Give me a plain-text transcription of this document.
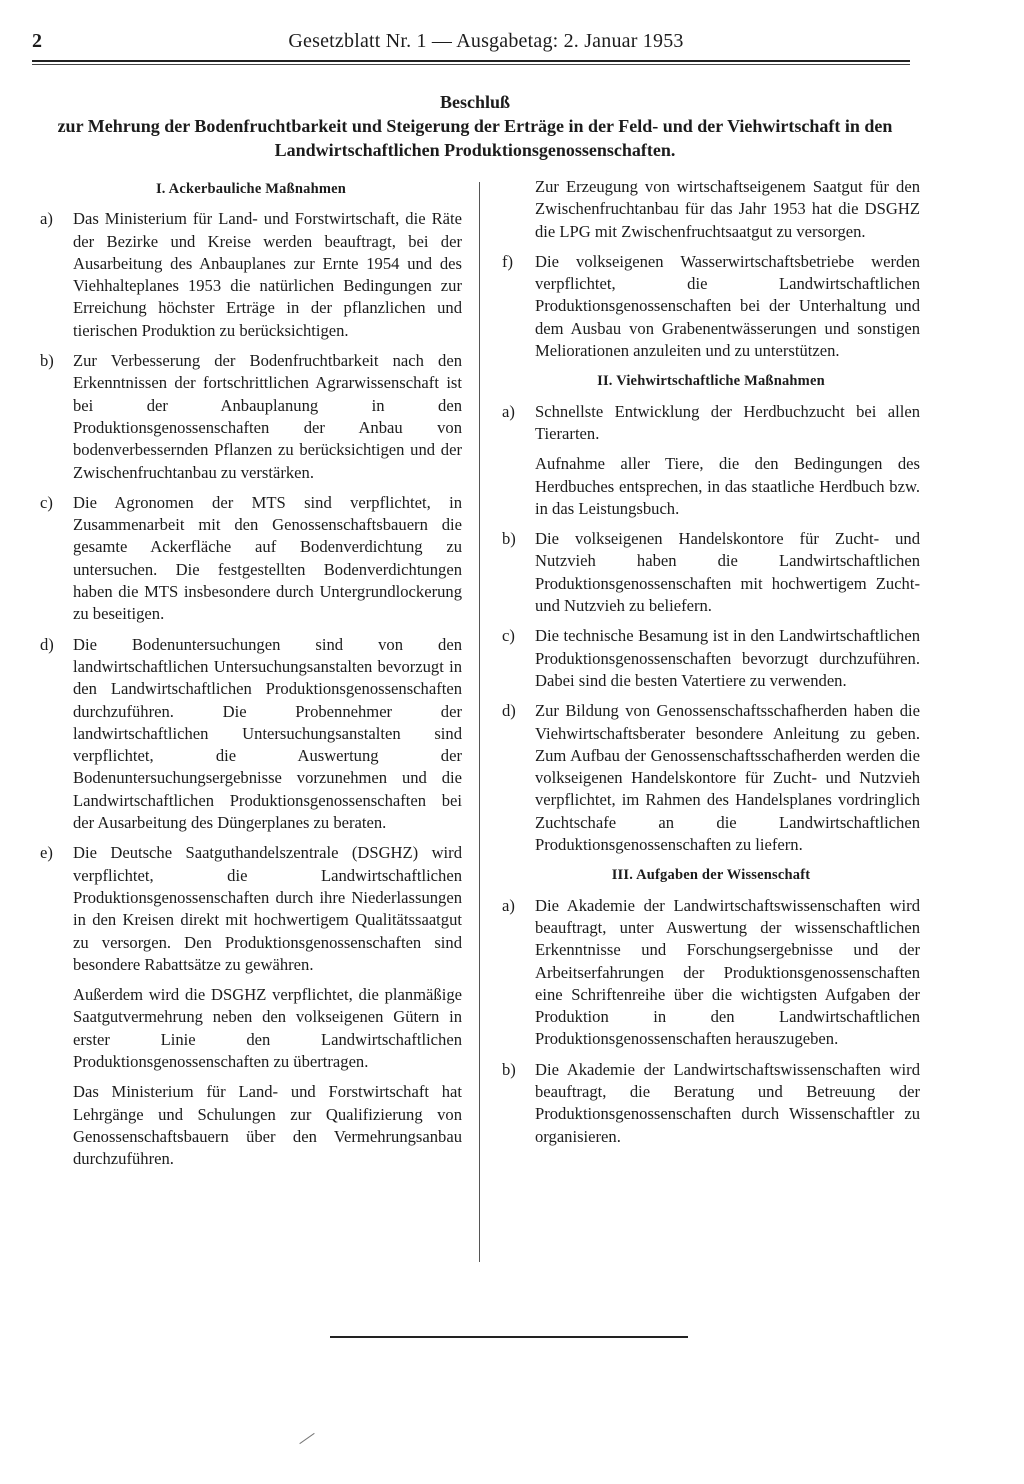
2	Gesetzblatt Nr. 1 — Ausgabetag: 2. Januar 1953
Beschluß
zur Mehrung der Bodenfruchtbarkeit und Steigerung der Erträge in der Feld- und der Viehwirtschaft in den Landwirtschaftlichen Produktionsgenossenschaften.
I. Ackerbauliche Maßnahmen
a) Das Ministerium für Land- und Forstwirtschaft, die Räte der Bezirke und Kreise werden beauftragt, bei der Ausarbeitung des Anbauplanes zur Ernte 1954 und des Viehhalteplanes 1953 die natürlichen Bedingungen zur Erreichung höchster Erträge in der pflanzlichen und tierischen Produktion zu berücksichtigen.
b) Zur Verbesserung der Bodenfruchtbarkeit nach den Erkenntnissen der fortschrittlichen Agrarwissenschaft ist bei der Anbauplanung in den Produktionsgenossenschaften der Anbau von bodenverbessernden Pflanzen zu berücksichtigen und der Zwischenfruchtanbau zu verstärken.
c) Die Agronomen der MTS sind verpflichtet, in Zusammenarbeit mit den Genossenschaftsbauern die gesamte Ackerfläche auf Bodenverdichtung zu untersuchen. Die festgestellten Bodenverdichtungen haben die MTS insbesondere durch Untergrundlockerung zu beseitigen.
d) Die Bodenuntersuchungen sind von den landwirtschaftlichen Untersuchungsanstalten bevorzugt in den Landwirtschaftlichen Produktionsgenossenschaften durchzuführen. Die Probennehmer der landwirtschaftlichen Untersuchungsanstalten sind verpflichtet, die Auswertung der Bodenuntersuchungsergebnisse vorzunehmen und die Landwirtschaftlichen Produktionsgenossenschaften bei der Ausarbeitung des Düngerplanes zu beraten.
e) Die Deutsche Saatguthandelszentrale (DSGHZ) wird verpflichtet, die Landwirtschaftlichen Produktionsgenossenschaften durch ihre Niederlassungen in den Kreisen direkt mit hochwertigem Qualitätssaatgut zu versorgen. Den Produktionsgenossenschaften sind besondere Rabattsätze zu gewähren.
Außerdem wird die DSGHZ verpflichtet, die planmäßige Saatgutvermehrung neben den volkseigenen Gütern in erster Linie den Landwirtschaftlichen Produktionsgenossenschaften zu übertragen.
Das Ministerium für Land- und Forstwirtschaft hat Lehrgänge und Schulungen zur Qualifizierung von Genossenschaftsbauern über den Vermehrungsanbau durchzuführen.
Zur Erzeugung von wirtschaftseigenem Saatgut für den Zwischenfruchtanbau für das Jahr 1953 hat die DSGHZ die LPG mit Zwischenfruchtsaatgut zu versorgen.
f) Die volkseigenen Wasserwirtschaftsbetriebe werden verpflichtet, die Landwirtschaftlichen Produktionsgenossenschaften bei der Unterhaltung und dem Ausbau von Grabenentwässerungen und sonstigen Meliorationen anzuleiten und zu unterstützen.
II. Viehwirtschaftliche Maßnahmen
a) Schnellste Entwicklung der Herdbuchzucht bei allen Tierarten.
Aufnahme aller Tiere, die den Bedingungen des Herdbuches entsprechen, in das staatliche Herdbuch bzw. in das Leistungsbuch.
b) Die volkseigenen Handelskontore für Zucht- und Nutzvieh haben die Landwirtschaftlichen Produktionsgenossenschaften mit hochwertigem Zucht- und Nutzvieh zu beliefern.
c) Die technische Besamung ist in den Landwirtschaftlichen Produktionsgenossenschaften bevorzugt durchzuführen. Dabei sind die besten Vatertiere zu verwenden.
d) Zur Bildung von Genossenschaftsschafherden haben die Viehwirtschaftsberater besondere Anleitung zu geben. Zum Aufbau der Genossenschaftsschafherden werden die volkseigenen Handelskontore für Zucht- und Nutzvieh verpflichtet, im Rahmen des Handelsplanes vordringlich Zuchtschafe an die Landwirtschaftlichen Produktionsgenossenschaften zu liefern.
III. Aufgaben der Wissenschaft
a) Die Akademie der Landwirtschaftswissenschaften wird beauftragt, unter Auswertung der wissenschaftlichen Erkenntnisse und Forschungsergebnisse und der Arbeitserfahrungen der Produktionsgenossenschaften eine Schriftenreihe über die wichtigsten Aufgaben der Produktion in den Landwirtschaftlichen Produktionsgenossenschaften herauszugeben.
b) Die Akademie der Landwirtschaftswissenschaften wird beauftragt, die Beratung und Betreuung der Produktionsgenossenschaften durch Wissenschaftler zu organisieren.
